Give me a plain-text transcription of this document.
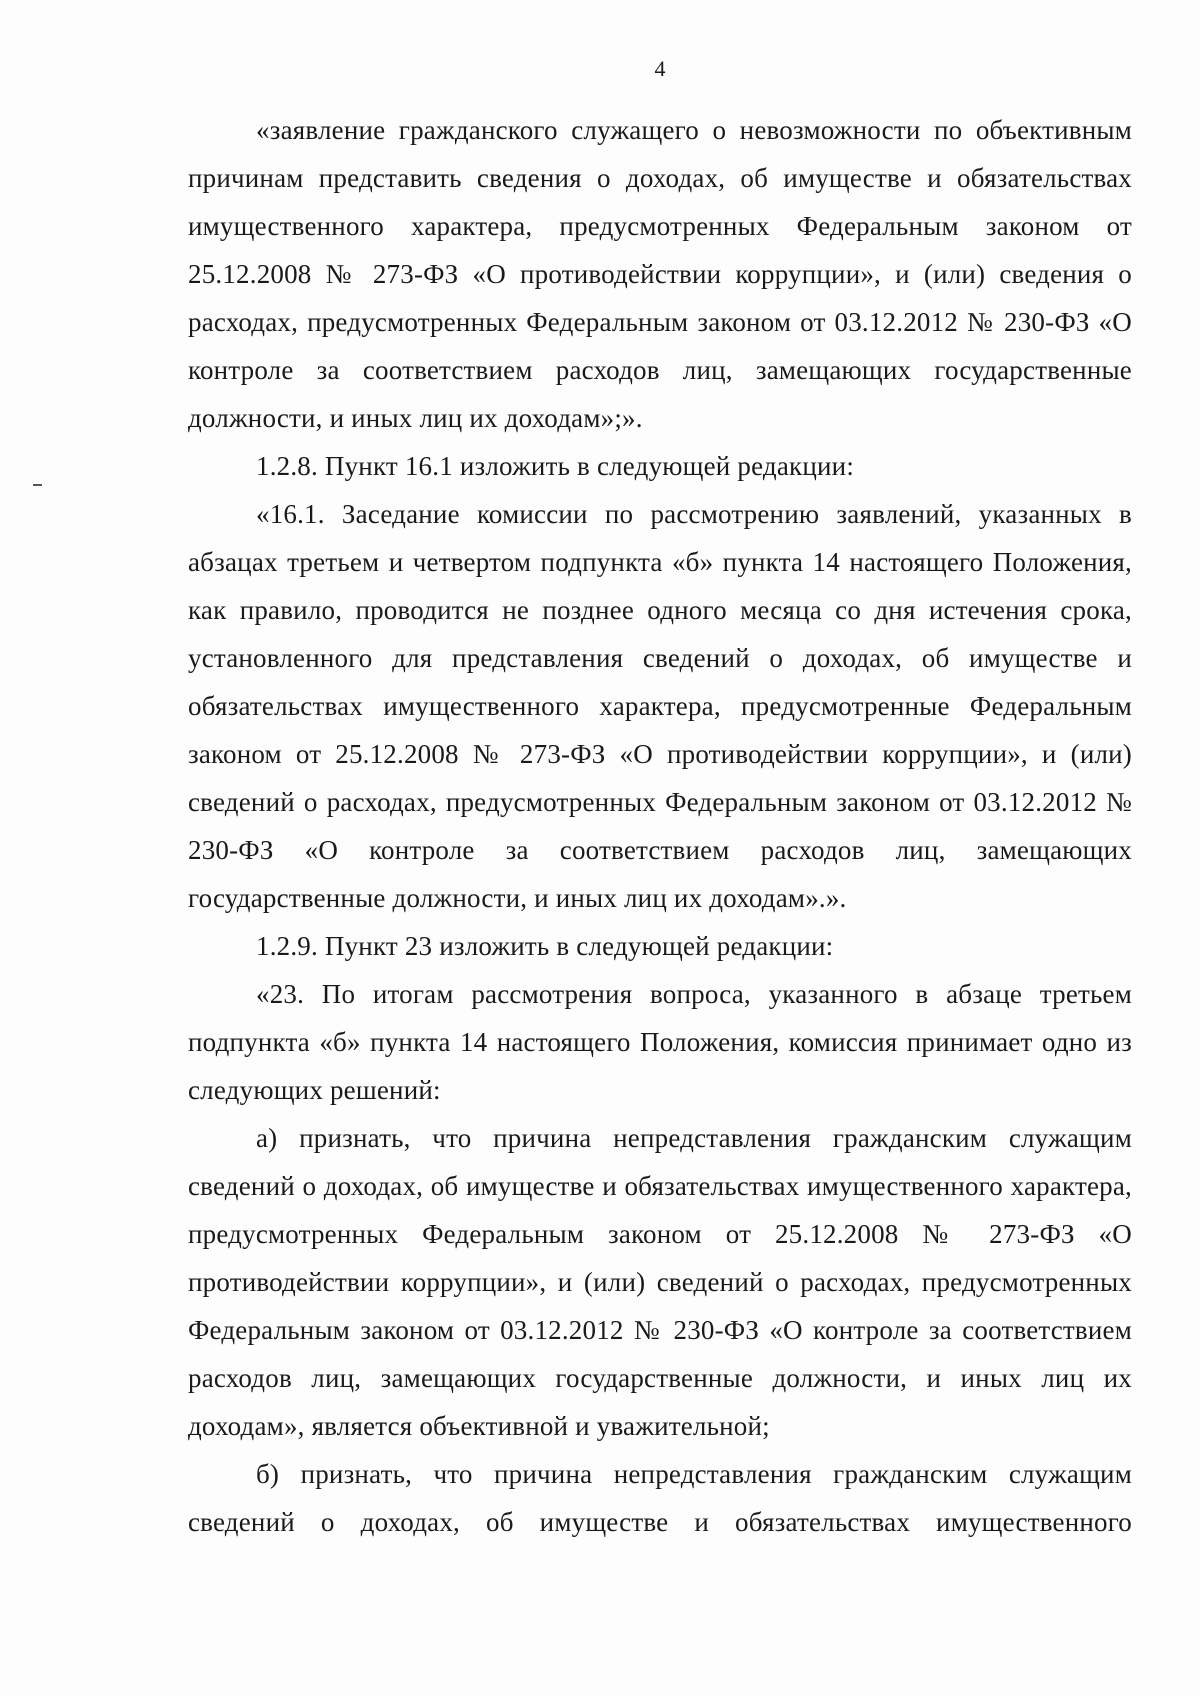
4

«заявление гражданского служащего о невозможности по объективным причинам представить сведения о доходах, об имуществе и обязательствах имущественного характера, предусмотренных Федеральным законом от 25.12.2008 № 273-ФЗ «О противодействии коррупции», и (или) сведения о расходах, предусмотренных Федеральным законом от 03.12.2012 № 230-ФЗ «О контроле за соответствием расходов лиц, замещающих государственные должности, и иных лиц их доходам»;».

1.2.8. Пункт 16.1 изложить в следующей редакции:

«16.1. Заседание комиссии по рассмотрению заявлений, указанных в абзацах третьем и четвертом подпункта «б» пункта 14 настоящего Положения, как правило, проводится не позднее одного месяца со дня истечения срока, установленного для представления сведений о доходах, об имуществе и обязательствах имущественного характера, предусмотренные Федеральным законом от 25.12.2008 № 273-ФЗ «О противодействии коррупции», и (или) сведений о расходах, предусмотренных Федеральным законом от 03.12.2012 № 230-ФЗ «О контроле за соответствием расходов лиц, замещающих государственные должности, и иных лиц их доходам».».

1.2.9. Пункт 23 изложить в следующей редакции:

«23. По итогам рассмотрения вопроса, указанного в абзаце третьем подпункта «б» пункта 14 настоящего Положения, комиссия принимает одно из следующих решений:

а) признать, что причина непредставления гражданским служащим сведений о доходах, об имуществе и обязательствах имущественного характера, предусмотренных Федеральным законом от 25.12.2008 № 273-ФЗ «О противодействии коррупции», и (или) сведений о расходах, предусмотренных Федеральным законом от 03.12.2012 № 230-ФЗ «О контроле за соответствием расходов лиц, замещающих государственные должности, и иных лиц их доходам», является объективной и уважительной;

б) признать, что причина непредставления гражданским служащим сведений о доходах, об имуществе и обязательствах имущественного
